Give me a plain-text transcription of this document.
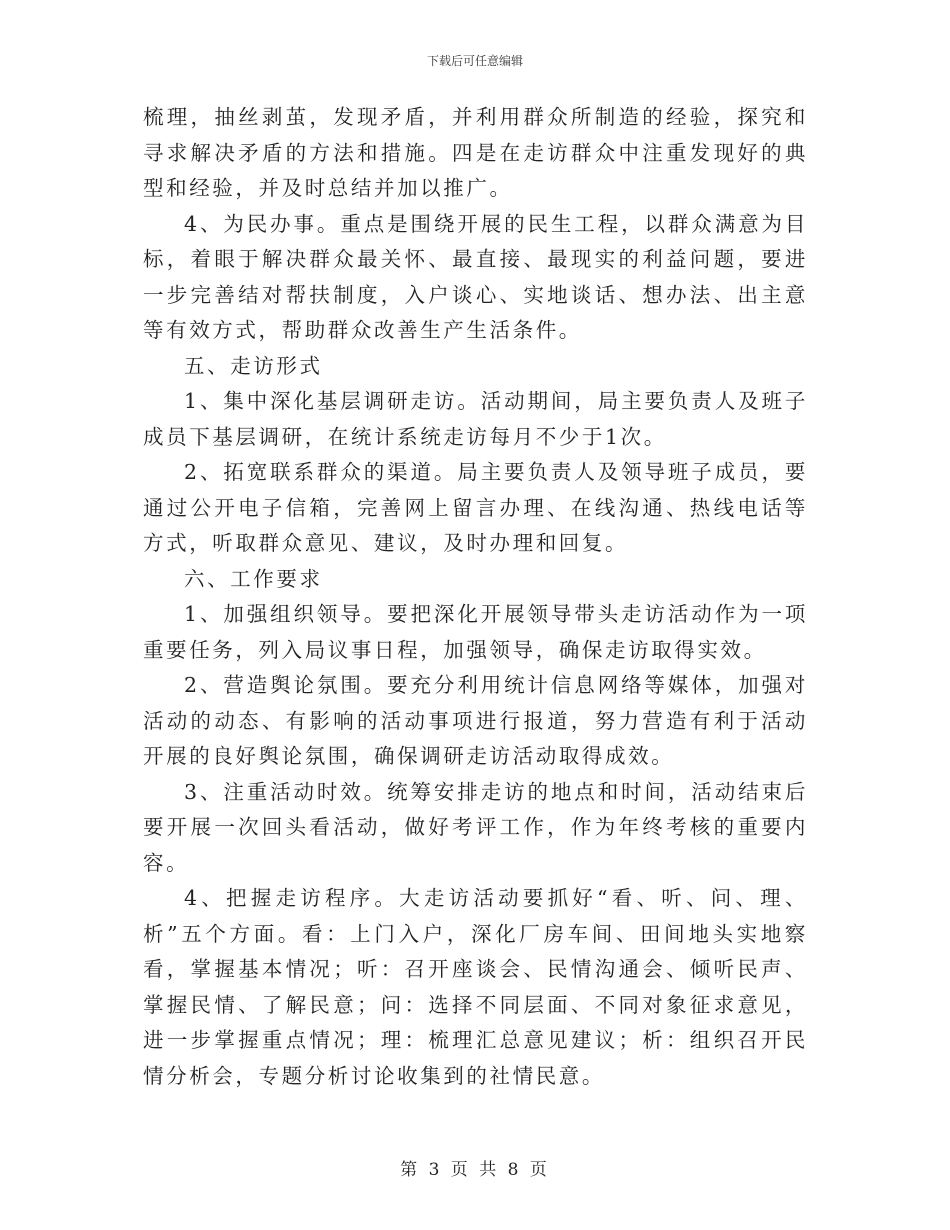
下载后可任意编辑

梳理，抽丝剥茧，发现矛盾，并利用群众所制造的经验，探究和寻求解决矛盾的方法和措施。四是在走访群众中注重发现好的典型和经验，并及时总结并加以推广。

4、为民办事。重点是围绕开展的民生工程，以群众满意为目标，着眼于解决群众最关怀、最直接、最现实的利益问题，要进一步完善结对帮扶制度，入户谈心、实地谈话、想办法、出主意等有效方式，帮助群众改善生产生活条件。

五、走访形式

1、集中深化基层调研走访。活动期间，局主要负责人及班子成员下基层调研，在统计系统走访每月不少于1次。

2、拓宽联系群众的渠道。局主要负责人及领导班子成员，要通过公开电子信箱，完善网上留言办理、在线沟通、热线电话等方式，听取群众意见、建议，及时办理和回复。

六、工作要求

1、加强组织领导。要把深化开展领导带头走访活动作为一项重要任务，列入局议事日程，加强领导，确保走访取得实效。

2、营造舆论氛围。要充分利用统计信息网络等媒体，加强对活动的动态、有影响的活动事项进行报道，努力营造有利于活动开展的良好舆论氛围，确保调研走访活动取得成效。

3、注重活动时效。统筹安排走访的地点和时间，活动结束后要开展一次回头看活动，做好考评工作，作为年终考核的重要内容。

4、把握走访程序。大走访活动要抓好“看、听、问、理、析”五个方面。看：上门入户，深化厂房车间、田间地头实地察看，掌握基本情况；听：召开座谈会、民情沟通会、倾听民声、掌握民情、了解民意；问：选择不同层面、不同对象征求意见，进一步掌握重点情况；理：梳理汇总意见建议；析：组织召开民情分析会，专题分析讨论收集到的社情民意。

第 3 页 共 8 页
